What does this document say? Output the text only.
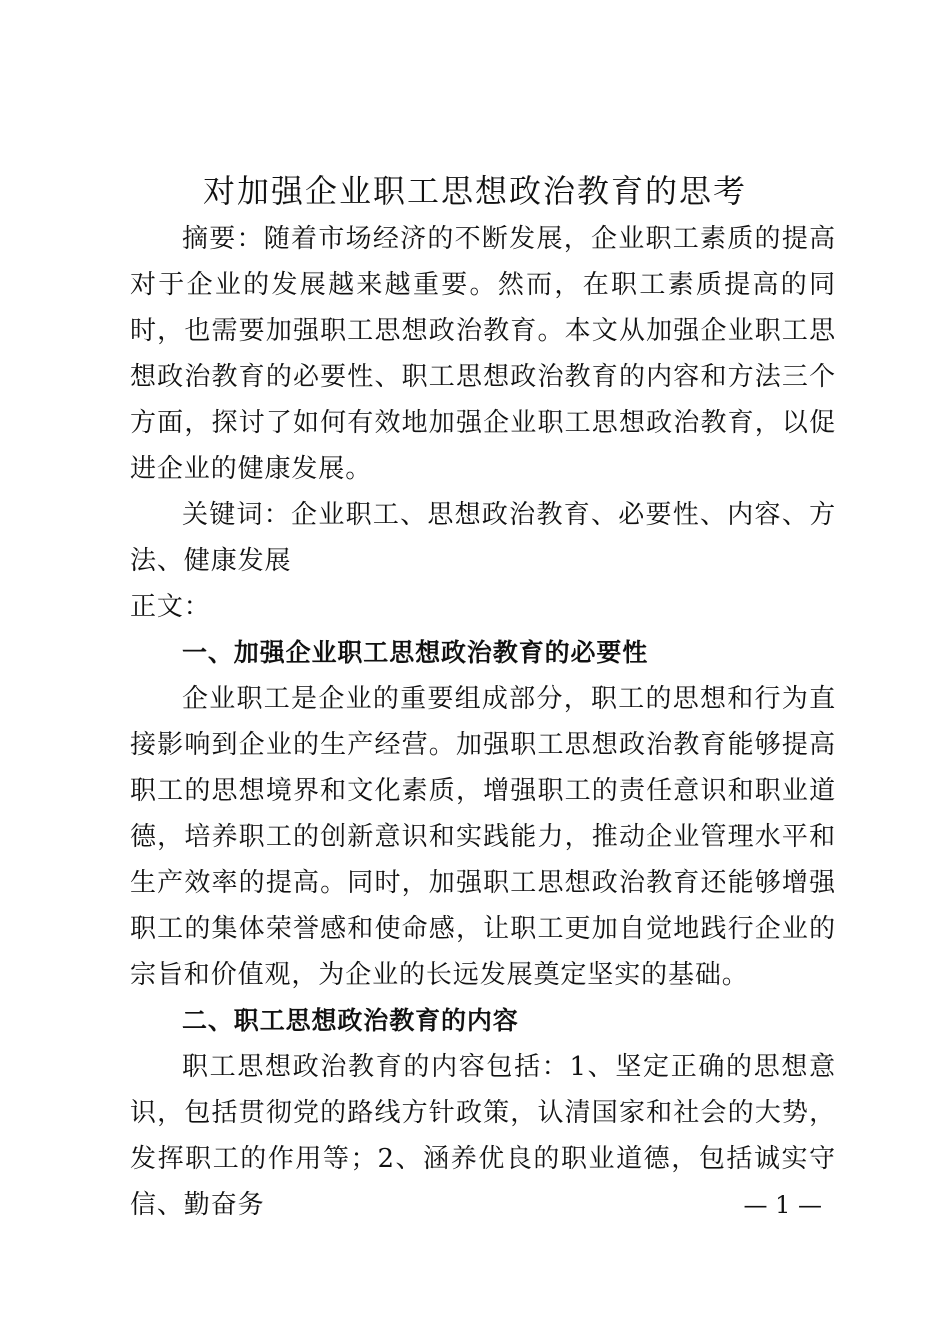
对加强企业职工思想政治教育的思考

摘要：随着市场经济的不断发展，企业职工素质的提高对于企业的发展越来越重要。然而，在职工素质提高的同时，也需要加强职工思想政治教育。本文从加强企业职工思想政治教育的必要性、职工思想政治教育的内容和方法三个方面，探讨了如何有效地加强企业职工思想政治教育，以促进企业的健康发展。

关键词：企业职工、思想政治教育、必要性、内容、方法、健康发展

正文：

一、加强企业职工思想政治教育的必要性

企业职工是企业的重要组成部分，职工的思想和行为直接影响到企业的生产经营。加强职工思想政治教育能够提高职工的思想境界和文化素质，增强职工的责任意识和职业道德，培养职工的创新意识和实践能力，推动企业管理水平和生产效率的提高。同时，加强职工思想政治教育还能够增强职工的集体荣誉感和使命感，让职工更加自觉地践行企业的宗旨和价值观，为企业的长远发展奠定坚实的基础。

二、职工思想政治教育的内容

职工思想政治教育的内容包括：1、坚定正确的思想意识，包括贯彻党的路线方针政策，认清国家和社会的大势，发挥职工的作用等；2、涵养优良的职业道德，包括诚实守信、勤奋务	— 1 —
